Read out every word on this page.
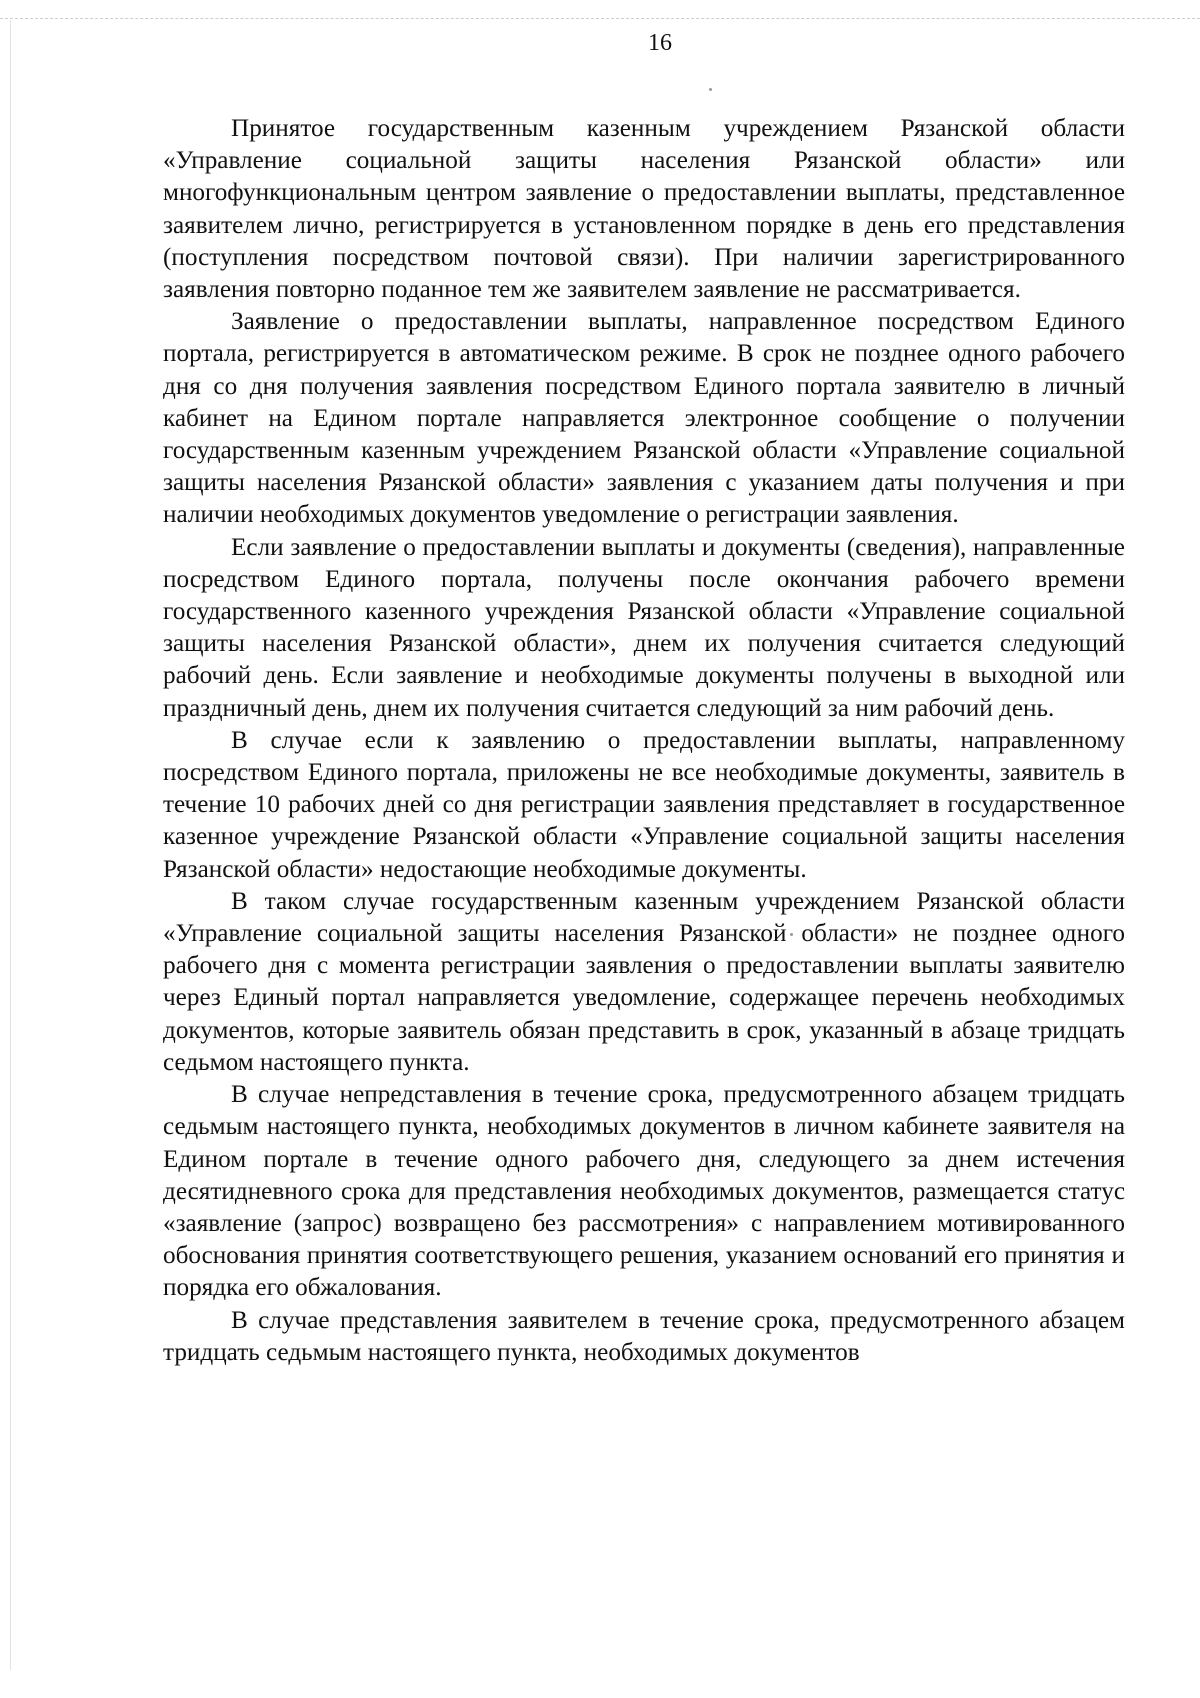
16

Принятое государственным казенным учреждением Рязанской области «Управление социальной защиты населения Рязанской области» или многофункциональным центром заявление о предоставлении выплаты, представленное заявителем лично, регистрируется в установленном порядке в день его представления (поступления посредством почтовой связи). При наличии зарегистрированного заявления повторно поданное тем же заявителем заявление не рассматривается.

Заявление о предоставлении выплаты, направленное посредством Единого портала, регистрируется в автоматическом режиме. В срок не позднее одного рабочего дня со дня получения заявления посредством Единого портала заявителю в личный кабинет на Едином портале направляется электронное сообщение о получении государственным казенным учреждением Рязанской области «Управление социальной защиты населения Рязанской области» заявления с указанием даты получения и при наличии необходимых документов уведомление о регистрации заявления.

Если заявление о предоставлении выплаты и документы (сведения), направленные посредством Единого портала, получены после окончания рабочего времени государственного казенного учреждения Рязанской области «Управление социальной защиты населения Рязанской области», днем их получения считается следующий рабочий день. Если заявление и необходимые документы получены в выходной или праздничный день, днем их получения считается следующий за ним рабочий день.

В случае если к заявлению о предоставлении выплаты, направленному посредством Единого портала, приложены не все необходимые документы, заявитель в течение 10 рабочих дней со дня регистрации заявления представляет в государственное казенное учреждение Рязанской области «Управление социальной защиты населения Рязанской области» недостающие необходимые документы.

В таком случае государственным казенным учреждением Рязанской области «Управление социальной защиты населения Рязанской области» не позднее одного рабочего дня с момента регистрации заявления о предоставлении выплаты заявителю через Единый портал направляется уведомление, содержащее перечень необходимых документов, которые заявитель обязан представить в срок, указанный в абзаце тридцать седьмом настоящего пункта.

В случае непредставления в течение срока, предусмотренного абзацем тридцать седьмым настоящего пункта, необходимых документов в личном кабинете заявителя на Едином портале в течение одного рабочего дня, следующего за днем истечения десятидневного срока для представления необходимых документов, размещается статус «заявление (запрос) возвращено без рассмотрения» с направлением мотивированного обоснования принятия соответствующего решения, указанием оснований его принятия и порядка его обжалования.

В случае представления заявителем в течение срока, предусмотренного абзацем тридцать седьмым настоящего пункта, необходимых документов
